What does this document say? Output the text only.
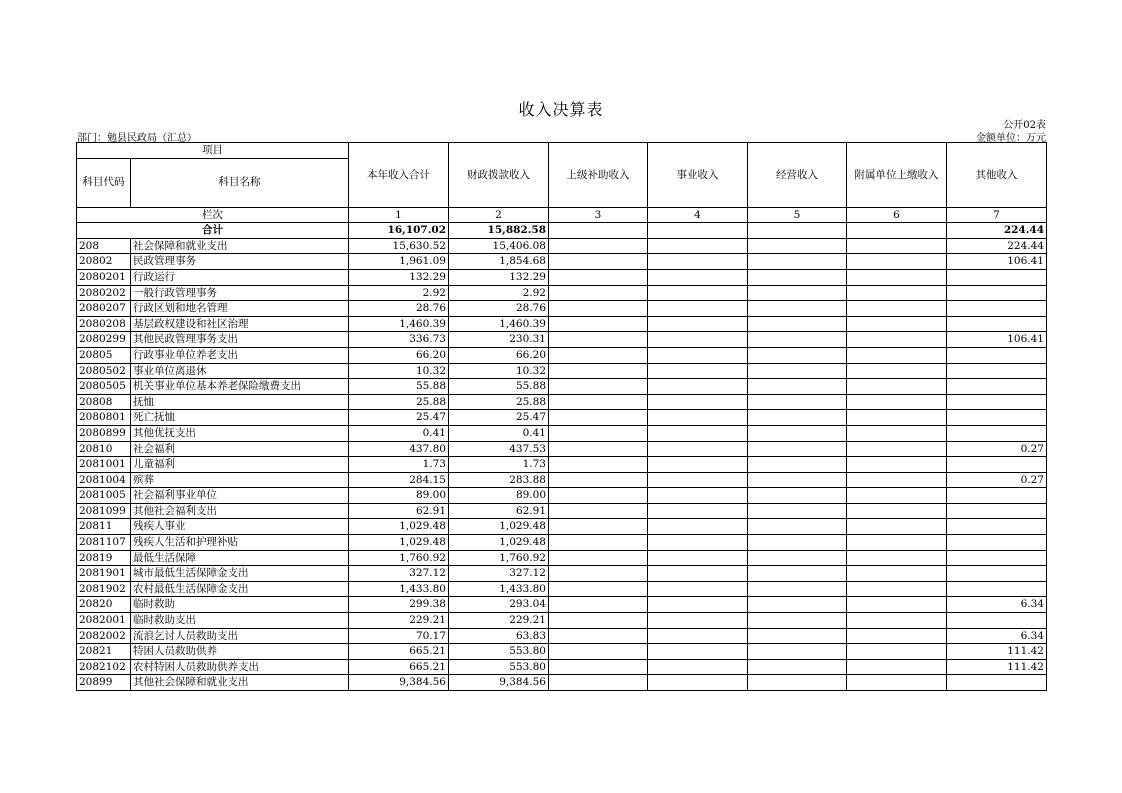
收入决算表
公开02表
部门：勉县民政局（汇总）	金额单位：万元
项目		本年收入合计	财政拨款收入	上级补助收入	事业收入	经营收入	附属单位上缴收入	其他收入
科目代码	科目名称							
栏次		1	2	3	4	5	6	7
合计		16,107.02	15,882.58					224.44
208	社会保障和就业支出	15,630.52	15,406.08					224.44
20802	民政管理事务	1,961.09	1,854.68					106.41
2080201	行政运行	132.29	132.29					
2080202	一般行政管理事务	2.92	2.92					
2080207	行政区划和地名管理	28.76	28.76					
2080208	基层政权建设和社区治理	1,460.39	1,460.39					
2080299	其他民政管理事务支出	336.73	230.31					106.41
20805	行政事业单位养老支出	66.20	66.20					
2080502	事业单位离退休	10.32	10.32					
2080505	机关事业单位基本养老保险缴费支出	55.88	55.88					
20808	抚恤	25.88	25.88					
2080801	死亡抚恤	25.47	25.47					
2080899	其他优抚支出	0.41	0.41					
20810	社会福利	437.80	437.53					0.27
2081001	儿童福利	1.73	1.73					
2081004	殡葬	284.15	283.88					0.27
2081005	社会福利事业单位	89.00	89.00					
2081099	其他社会福利支出	62.91	62.91					
20811	残疾人事业	1,029.48	1,029.48					
2081107	残疾人生活和护理补贴	1,029.48	1,029.48					
20819	最低生活保障	1,760.92	1,760.92					
2081901	城市最低生活保障金支出	327.12	327.12					
2081902	农村最低生活保障金支出	1,433.80	1,433.80					
20820	临时救助	299.38	293.04					6.34
2082001	临时救助支出	229.21	229.21					
2082002	流浪乞讨人员救助支出	70.17	63.83					6.34
20821	特困人员救助供养	665.21	553.80					111.42
2082102	农村特困人员救助供养支出	665.21	553.80					111.42
20899	其他社会保障和就业支出	9,384.56	9,384.56					
